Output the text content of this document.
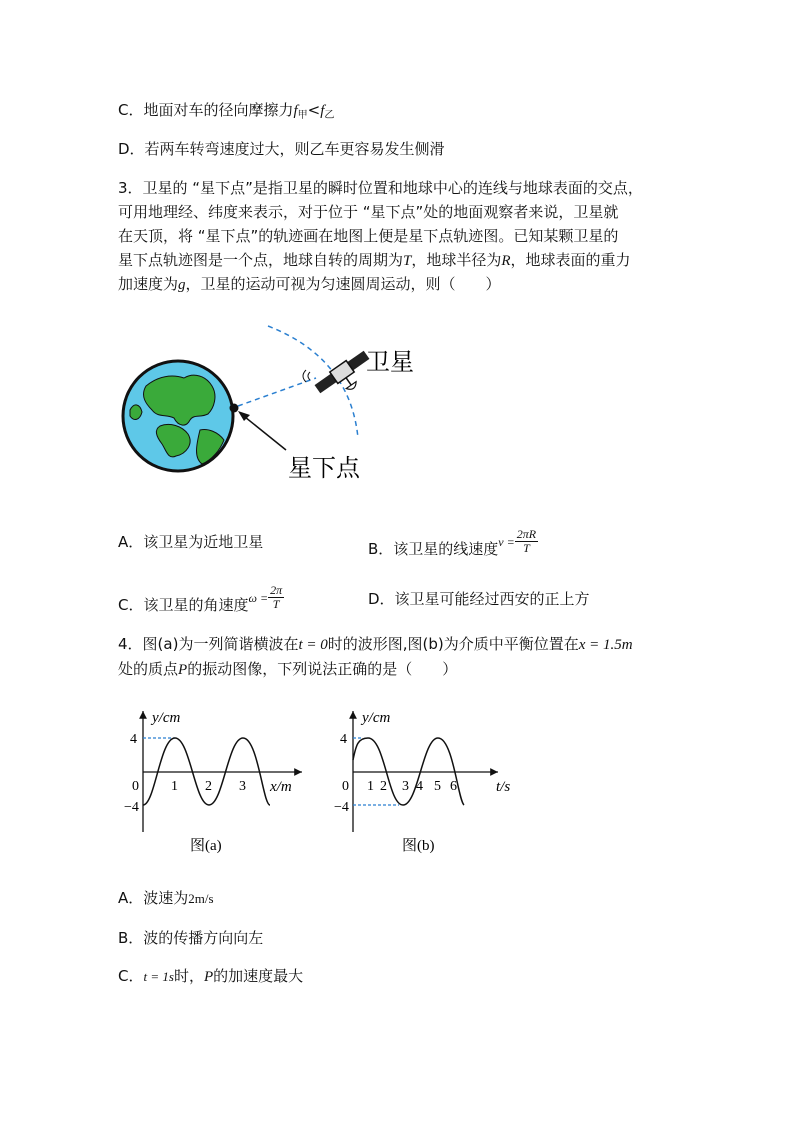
C．地面对车的径向摩擦力$f_甲<f_乙$
D．若两车转弯速度过大，则乙车更容易发生侧滑
3．卫星的 “星下点”是指卫星的瞬时位置和地球中心的连线与地球表面的交点，
可用地理经、纬度来表示，对于位于 “星下点”处的地面观察者来说，卫星就
在天顶，将 “星下点”的轨迹画在地图上便是星下点轨迹图。已知某颗卫星的
星下点轨迹图是一个点，地球自转的周期为T，地球半径为R，地球表面的重力
加速度为g，卫星的运动可视为匀速圆周运动，则（　　）
卫星
星下点
A．该卫星为近地卫星	B．该卫星的线速度$v = \frac{2\pi R}{T}$
C．该卫星的角速度$\omega = \frac{2\pi}{T}$	D．该卫星可能经过西安的正上方
4．图(a)为一列简谐横波在t = 0时的波形图,图(b)为介质中平衡位置在x = 1.5m
处的质点P的振动图像，下列说法正确的是（　　）
y/cm
x/m
4
0
−4
1 2 3
图(a)
y/cm
t/s
4
0
−4
1 2 3 4 5 6
图(b)
A．波速为2m/s
B．波的传播方向向左
C．t = 1s时，P的加速度最大
